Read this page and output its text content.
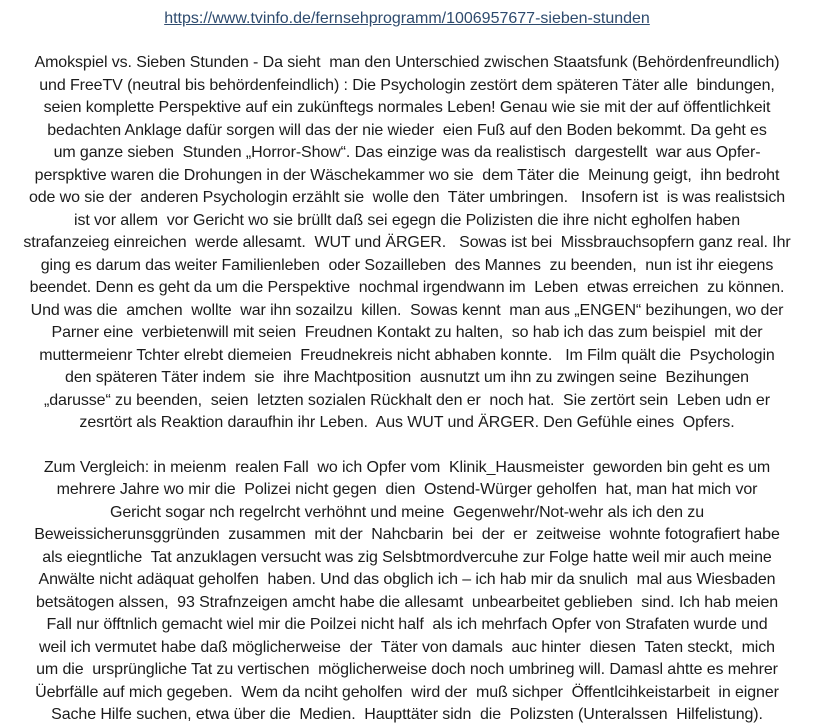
https://www.tvinfo.de/fernsehprogramm/1006957677-sieben-stunden
Amokspiel vs. Sieben Stunden - Da sieht  man den Unterschied zwischen Staatsfunk (Behördenfreundlich)
und FreeTV (neutral bis behördenfeindlich) : Die Psychologin zestört dem späteren Täter alle  bindungen,
seien komplette Perspektive auf ein zukünftegs normales Leben! Genau wie sie mit der auf öffentlichkeit
bedachten Anklage dafür sorgen will das der nie wieder  eien Fuß auf den Boden bekommt. Da geht es
um ganze sieben  Stunden „Horror-Show“. Das einzige was da realistisch  dargestellt  war aus Opfer-
perspktive waren die Drohungen in der Wäschekammer wo sie  dem Täter die  Meinung geigt,  ihn bedroht
ode wo sie der  anderen Psychologin erzählt sie  wolle den  Täter umbringen.   Insofern ist  is was realistsich
ist vor allem  vor Gericht wo sie brüllt daß sei egegn die Polizisten die ihre nicht egholfen haben
strafanzeieg einreichen  werde allesamt.  WUT und ÄRGER.   Sowas ist bei  Missbrauchsopfern ganz real. Ihr
ging es darum das weiter Familienleben  oder Sozailleben  des Mannes  zu beenden,  nun ist ihr eiegens
beendet. Denn es geht da um die Perspektive  nochmal irgendwann im  Leben  etwas erreichen  zu können.
Und was die  amchen  wollte  war ihn sozailzu  killen.  Sowas kennt  man aus „ENGEN“ bezihungen, wo der
Parner eine  verbietenwill mit seien  Freudnen Kontakt zu halten,  so hab ich das zum beispiel  mit der
muttermeienr Tchter elrebt diemeien  Freudnekreis nicht abhaben konnte.   Im Film quält die  Psychologin
den späteren Täter indem  sie  ihre Machtposition  ausnutzt um ihn zu zwingen seine  Bezihungen
„darusse“ zu beenden,  seien  letzten sozialen Rückhalt den er  noch hat.  Sie zertört sein  Leben udn er
zesrtört als Reaktion daraufhin ihr Leben.  Aus WUT und ÄRGER. Den Gefühle eines  Opfers.
Zum Vergleich: in meienm  realen Fall  wo ich Opfer vom  Klinik_Hausmeister  geworden bin geht es um
mehrere Jahre wo mir die  Polizei nicht gegen  dien  Ostend-Würger geholfen  hat, man hat mich vor
Gericht sogar nch regelrcht verhöhnt und meine  Gegenwehr/Not-wehr als ich den zu
Beweissicherunsggründen  zusammen  mit der  Nahcbarin  bei  der  er  zeitweise  wohnte fotografiert habe
als eiegntliche  Tat anzuklagen versucht was zig Selsbtmordvercuhe zur Folge hatte weil mir auch meine
Anwälte nicht adäquat geholfen  haben. Und das obglich ich – ich hab mir da snulich  mal aus Wiesbaden
betsätogen alssen,  93 Strafnzeigen amcht habe die allesamt  unbearbeitet geblieben  sind. Ich hab meien
Fall nur öfftnlich gemacht wiel mir die Poilzei nicht half  als ich mehrfach Opfer von Strafaten wurde und
weil ich vermutet habe daß möglicherweise  der  Täter von damals  auc hinter  diesen  Taten steckt,  mich
um die  ursprüngliche Tat zu vertischen  möglicherweise doch noch umbrineg will. Damasl ahtte es mehrer
Üebrfälle auf mich gegeben.  Wem da nciht geholfen  wird der  muß sichper  Öffentlcihkeistarbeit  in eigner
Sache Hilfe suchen, etwa über die  Medien.  Haupttäter sidn  die  Polizsten (Unteralssen  Hilfelistung).
